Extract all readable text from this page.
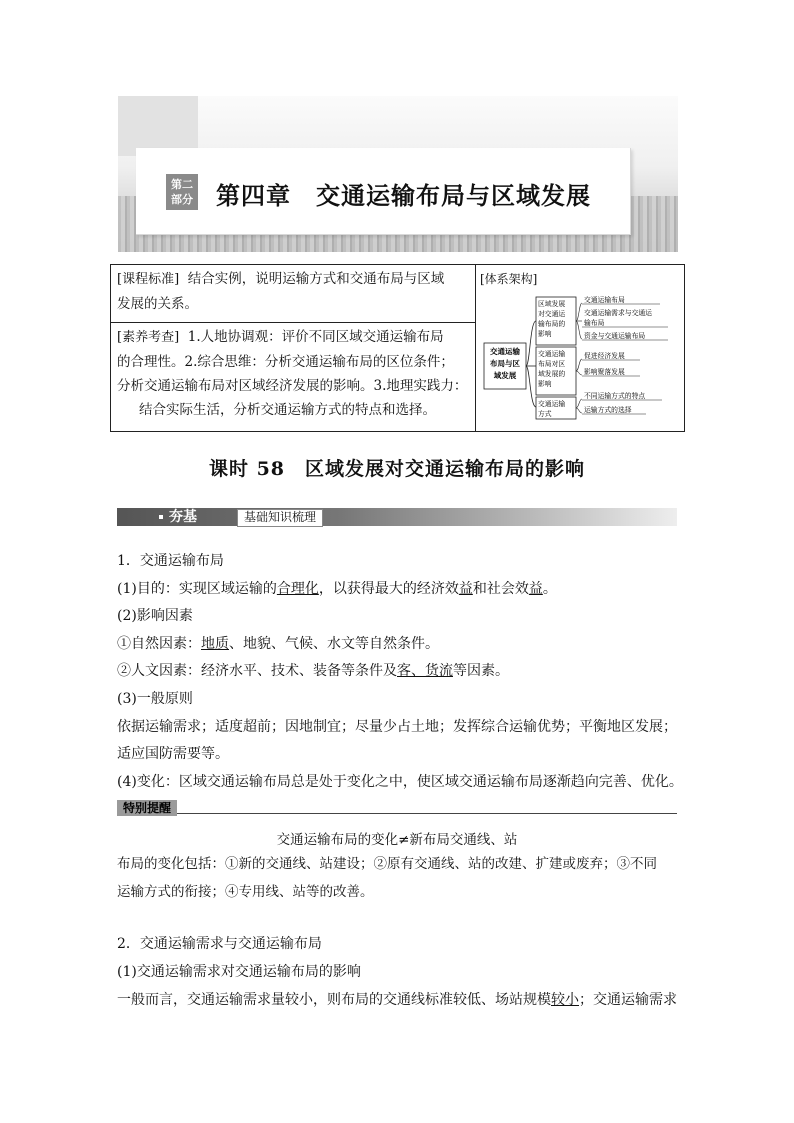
第二部分 第四章　交通运输布局与区域发展
[课程标准] 结合实例，说明运输方式和交通布局与区域
发展的关系。	
[体系架构]
交通运输
布局与区
域发展
区域发展
对交通运
输布局的
影响
交通运输布局
交通运输需求与交通运
输布局
资金与交通运输布局
交通运输
布局对区
域发展的
影响
促进经济发展
影响聚落发展
交通运输
方式
不同运输方式的特点
运输方式的选择

[素养考查] 1.人地协调观：评价不同区域交通运输布局
的合理性。2.综合思维：分析交通运输布局的区位条件；
分析交通运输布局对区域经济发展的影响。3.地理实践力：
结合实际生活，分析交通运输方式的特点和选择。
课时 58　区域发展对交通运输布局的影响
夯基	基础知识梳理

1．交通运输布局

(1)目的：实现区域运输的合理化，以获得最大的经济效益和社会效益。

(2)影响因素

①自然因素：地质、地貌、气候、水文等自然条件。

②人文因素：经济水平、技术、装备等条件及客、货流等因素。

(3)一般原则

依据运输需求；适度超前；因地制宜；尽量少占土地；发挥综合运输优势；平衡地区发展；

适应国防需要等。

(4)变化：区域交通运输布局总是处于变化之中，使区域交通运输布局逐渐趋向完善、优化。

特别提醒
交通运输布局的变化≠新布局交通线、站

布局的变化包括：①新的交通线、站建设；②原有交通线、站的改建、扩建或废弃；③不同

运输方式的衔接；④专用线、站等的改善。

2．交通运输需求与交通运输布局

(1)交通运输需求对交通运输布局的影响

一般而言，交通运输需求量较小，则布局的交通线标准较低、场站规模较小；交通运输需求
